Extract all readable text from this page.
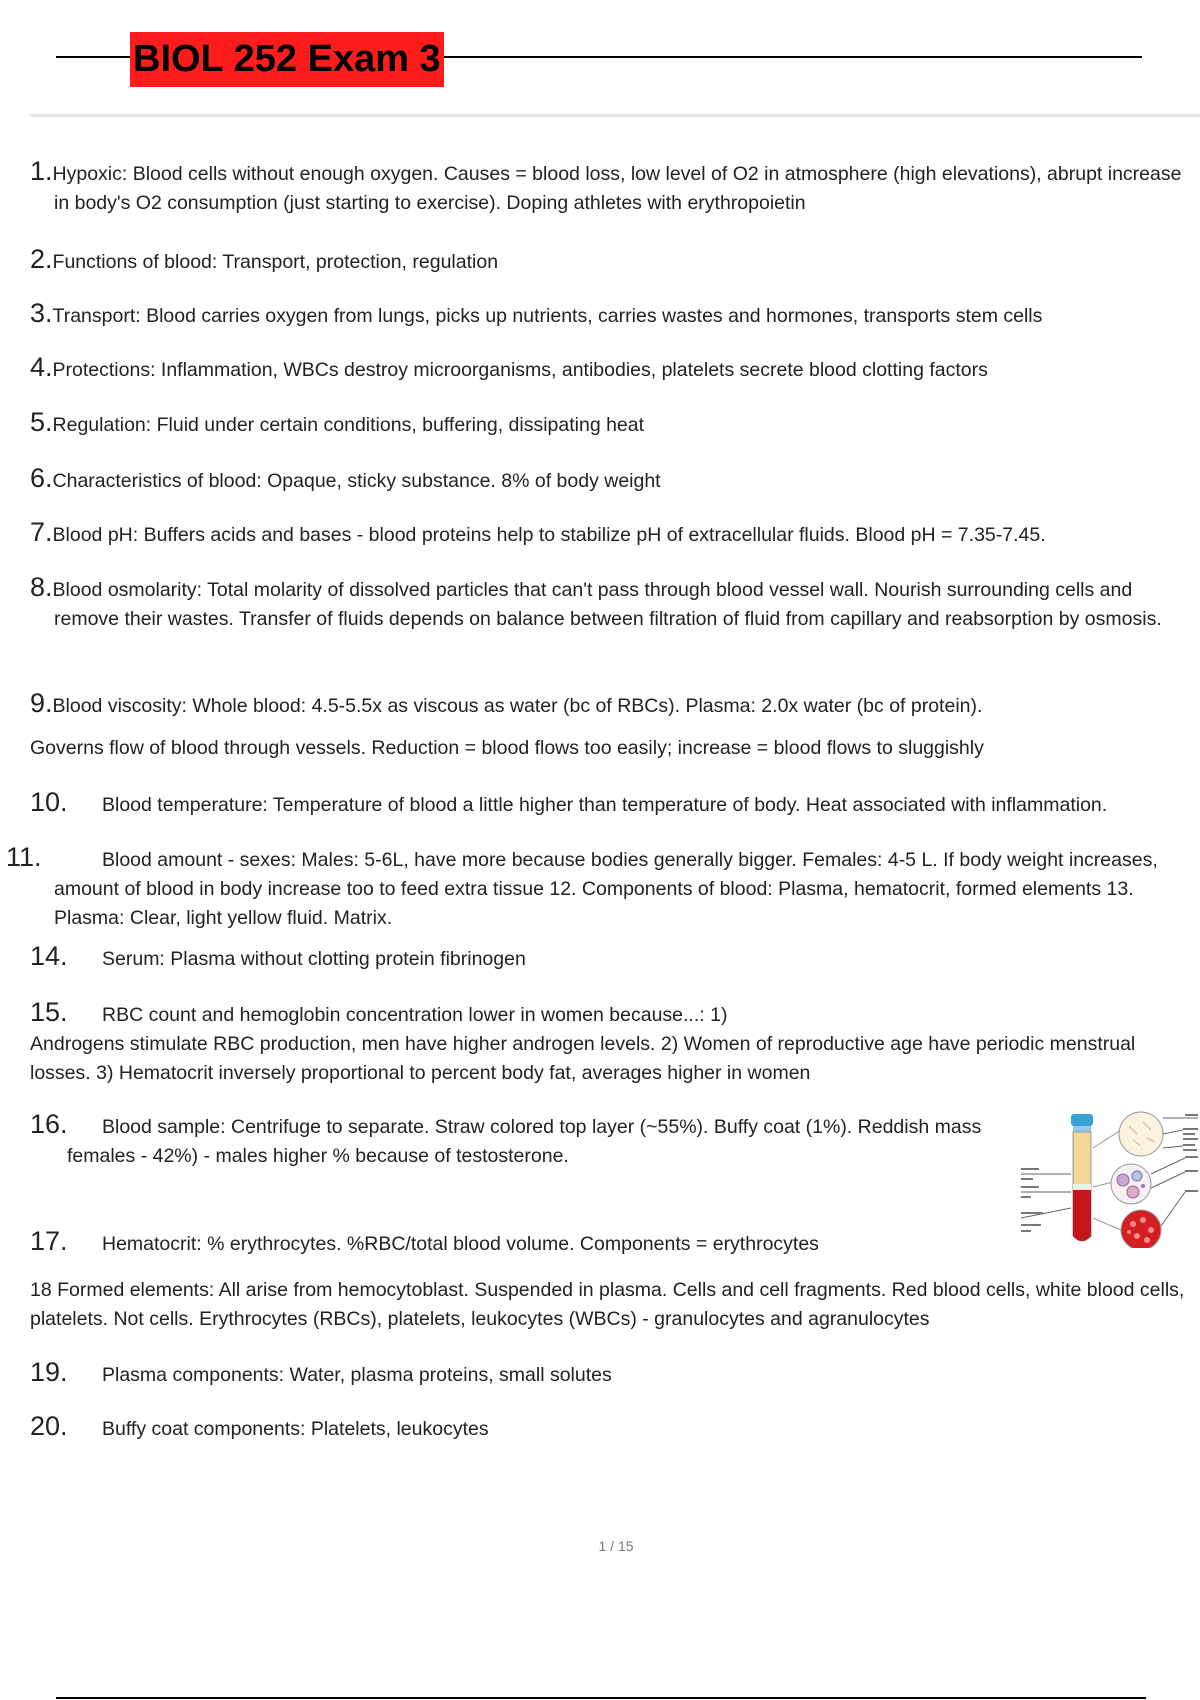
BIOL 252 Exam 3
1.Hypoxic: Blood cells without enough oxygen. Causes = blood loss, low level of O2 in atmosphere (high elevations), abrupt increase in body's O2 consumption (just starting to exercise). Doping athletes with erythropoietin
2.Functions of blood: Transport, protection, regulation
3.Transport: Blood carries oxygen from lungs, picks up nutrients, carries wastes and hormones, transports stem cells
4.Protections: Inflammation, WBCs destroy microorganisms, antibodies, platelets secrete blood clotting factors
5.Regulation: Fluid under certain conditions, buffering, dissipating heat
6.Characteristics of blood: Opaque, sticky substance. 8% of body weight
7.Blood pH: Buffers acids and bases - blood proteins help to stabilize pH of extracellular fluids. Blood pH = 7.35-7.45.
8.Blood osmolarity: Total molarity of dissolved particles that can't pass through blood vessel wall. Nourish surrounding cells and remove their wastes. Transfer of fluids depends on balance between filtration of fluid from capillary and reabsorption by osmosis.
9.Blood viscosity: Whole blood: 4.5-5.5x as viscous as water (bc of RBCs). Plasma: 2.0x water (bc of protein).
Governs flow of blood through vessels. Reduction = blood flows too easily; increase = blood flows to sluggishly
10. Blood temperature: Temperature of blood a little higher than temperature of body. Heat associated with inflammation.
11.	Blood amount - sexes: Males: 5-6L, have more because bodies generally bigger. Females: 4-5 L. If body weight increases, amount of blood in body increase too to feed extra tissue 12. Components of blood: Plasma, hematocrit, formed elements 13. Plasma: Clear, light yellow fluid. Matrix.
14. Serum: Plasma without clotting protein fibrinogen
15. RBC count and hemoglobin concentration lower in women because...: 1)
Androgens stimulate RBC production, men have higher androgen levels. 2) Women of reproductive age have periodic menstrual losses. 3) Hematocrit inversely proportional to percent body fat, averages higher in women
16. Blood sample: Centrifuge to separate. Straw colored top layer (~55%). Buffy coat (1%). Reddish mass
females - 42%) - males higher % because of testosterone.
17. Hematocrit: % erythrocytes. %RBC/total blood volume. Components = erythrocytes
18 Formed elements: All arise from hemocytoblast. Suspended in plasma. Cells and cell fragments. Red blood cells, white blood cells, platelets. Not cells. Erythrocytes (RBCs), platelets, leukocytes (WBCs) - granulocytes and agranulocytes
19. Plasma components: Water, plasma proteins, small solutes
20. Buffy coat components: Platelets, leukocytes
1 / 15
